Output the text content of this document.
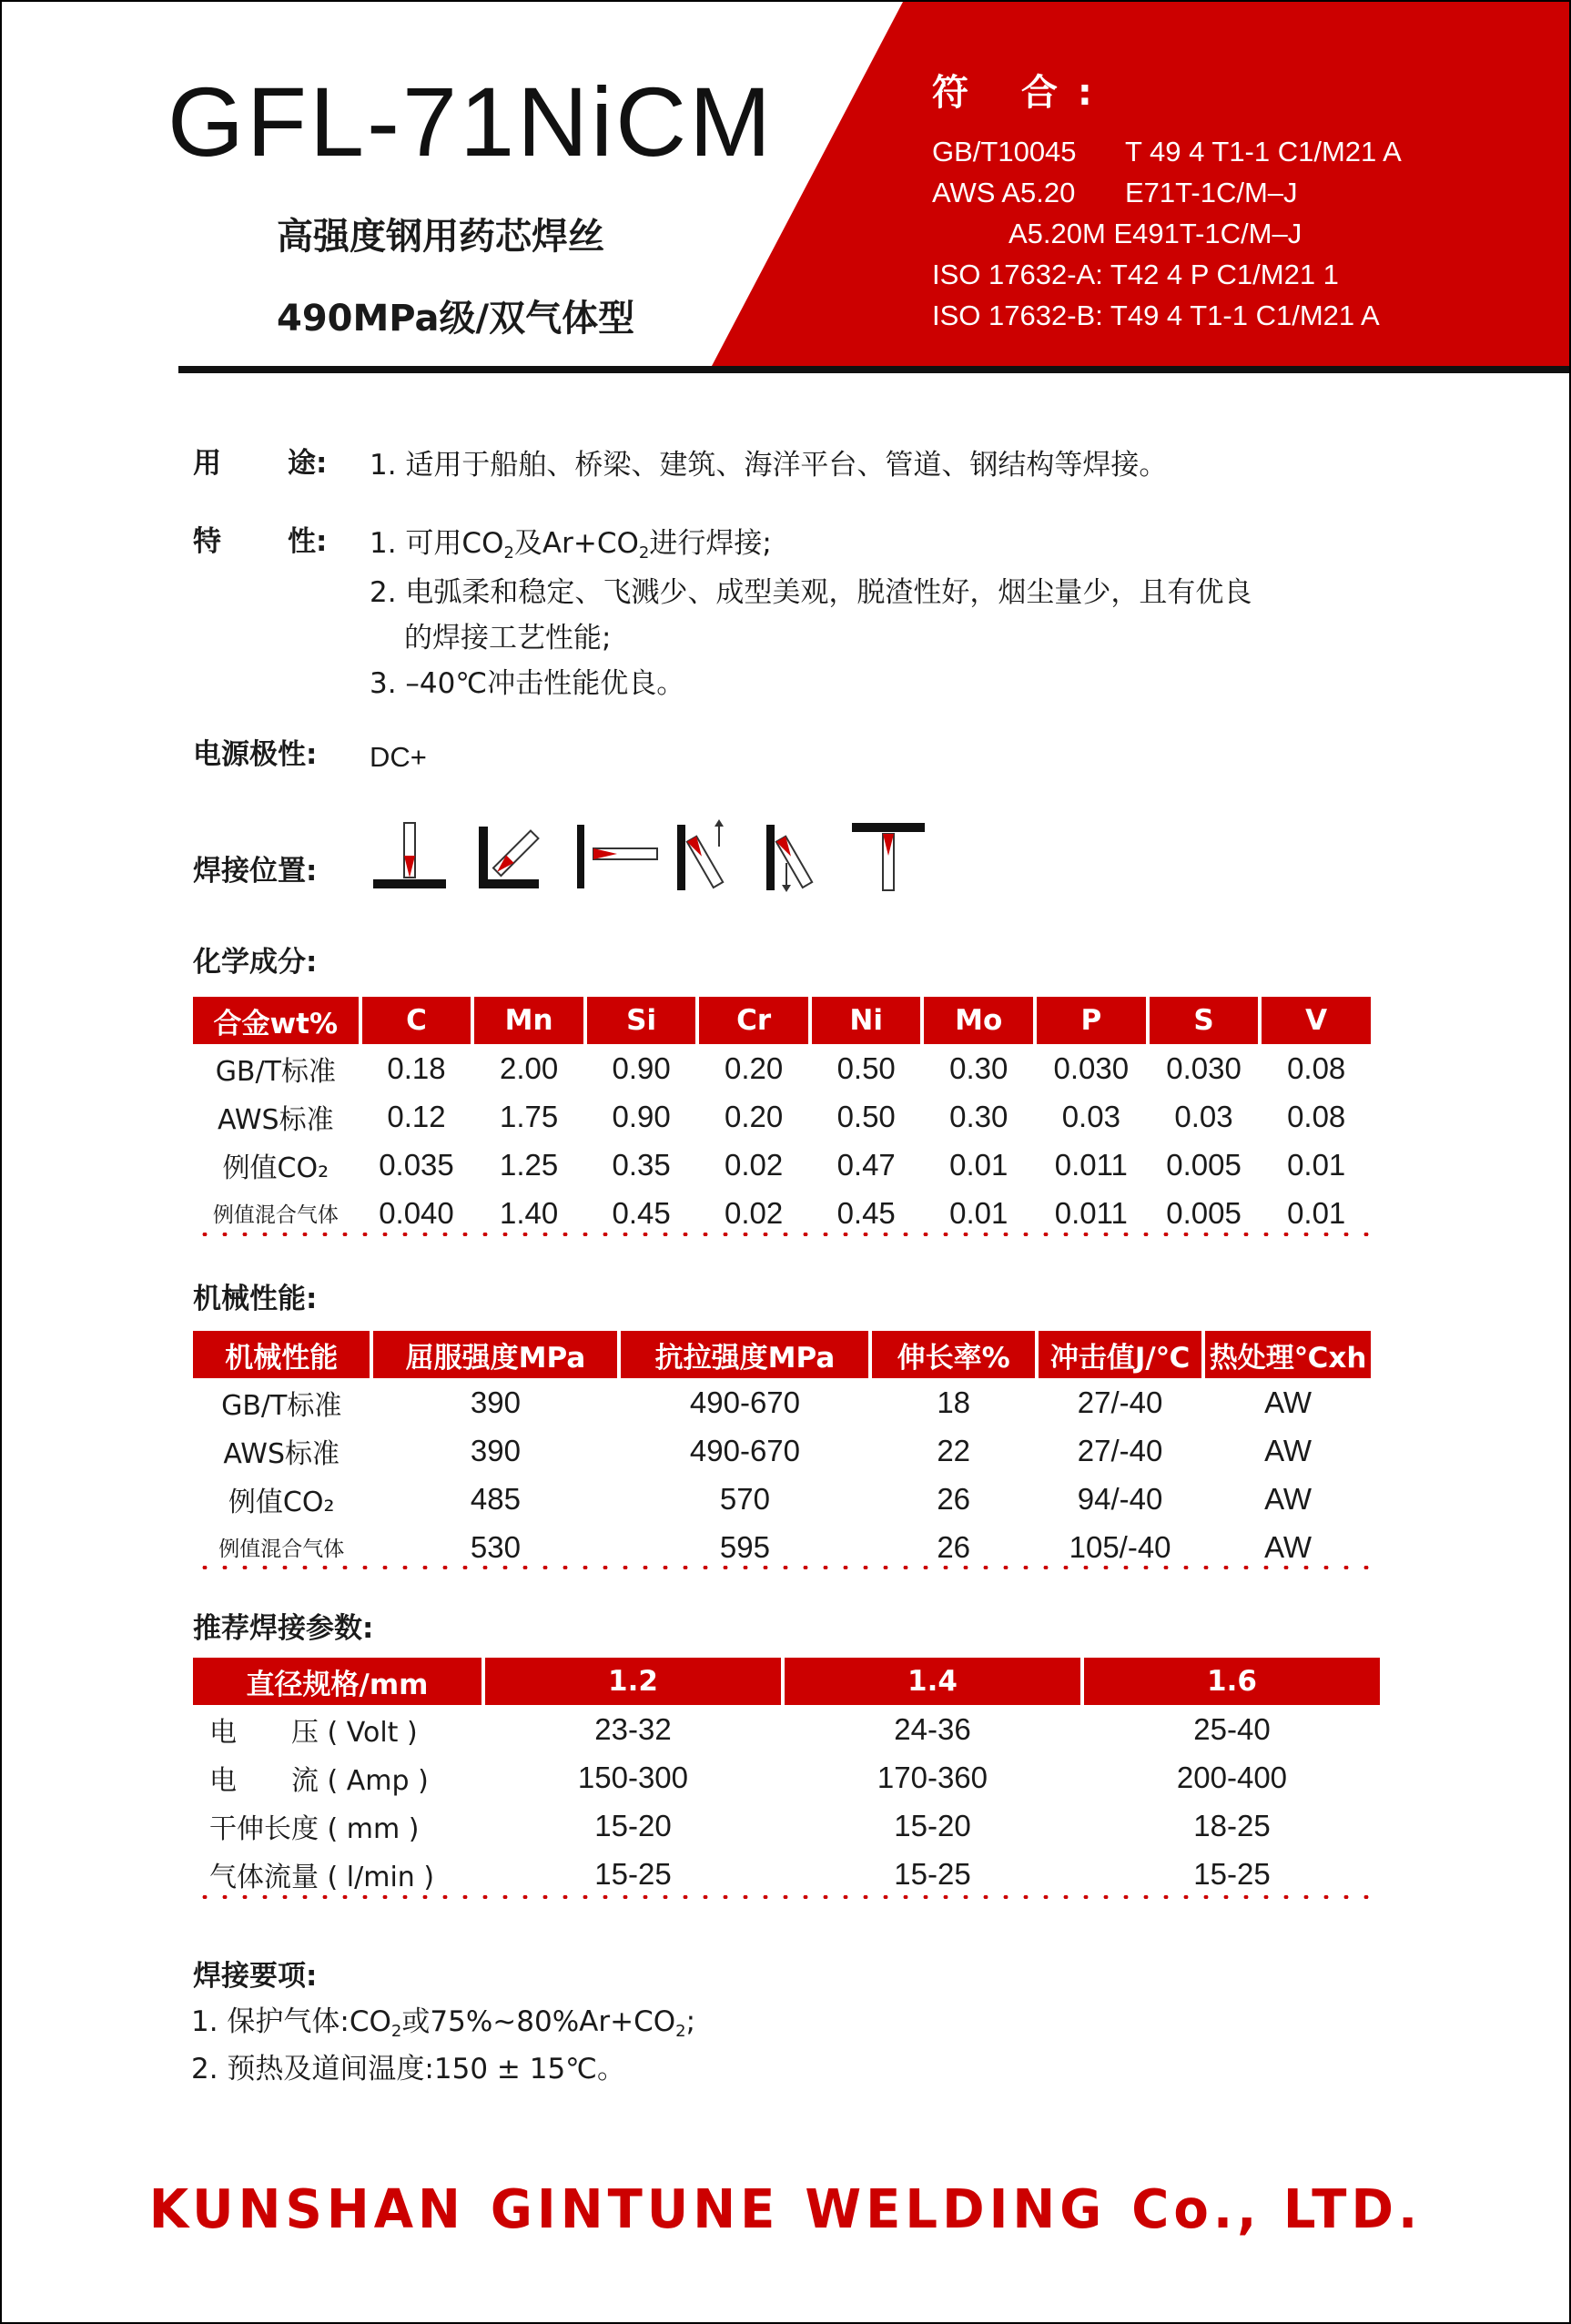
GFL-71NiCM
高强度钢用药芯焊丝
490MPa级/双气体型
符 合:
GB/T10045 T 49 4 T1-1 C1/M21 A
AWS A5.20 E71T-1C/M–J
A5.20M E491T-1C/M–J
ISO 17632-A: T42 4 P C1/M21 1
ISO 17632-B: T49 4 T1-1 C1/M21 A
用 途: 1. 适用于船舶、桥梁、建筑、海洋平台、管道、钢结构等焊接。
特 性: 1. 可用$CO_2$及$Ar+CO_2$进行焊接;
2. 电弧柔和稳定、飞溅少、成型美观，脱渣性好，烟尘量少，且有优良
的焊接工艺性能;
3. –40℃冲击性能优良。
电源极性: DC+
焊接位置:
化学成分:
合金wt%	C	Mn	Si	Cr	Ni	Mo	P	S	V
GB/T标准	0.18	2.00	0.90	0.20	0.50	0.30	0.030	0.030	0.08
AWS标准	0.12	1.75	0.90	0.20	0.50	0.30	0.03	0.03	0.08
例值CO₂	0.035	1.25	0.35	0.02	0.47	0.01	0.011	0.005	0.01
例值混合气体	0.040	1.40	0.45	0.02	0.45	0.01	0.011	0.005	0.01
机械性能:
机械性能	屈服强度MPa	抗拉强度MPa	伸长率%	冲击值J/℃	热处理℃xh
GB/T标准	390	490-670	18	27/-40	AW
AWS标准	390	490-670	22	27/-40	AW
例值CO₂	485	570	26	94/-40	AW
例值混合气体	530	595	26	105/-40	AW
推荐焊接参数:
直径规格/mm	1.2	1.4	1.6
电　　压 ( Volt )	23-32	24-36	25-40
电　　流 ( Amp )	150-300	170-360	200-400
干伸长度 ( mm )	15-20	15-20	18-25
气体流量 ( l/min )	15-25	15-25	15-25
焊接要项:
1. 保护气体$:CO_2$或$75\%\sim 80\%Ar+CO_2$;
2. 预热及道间温度:150 ± 15℃。
KUNSHAN GINTUNE WELDING Co., LTD.
